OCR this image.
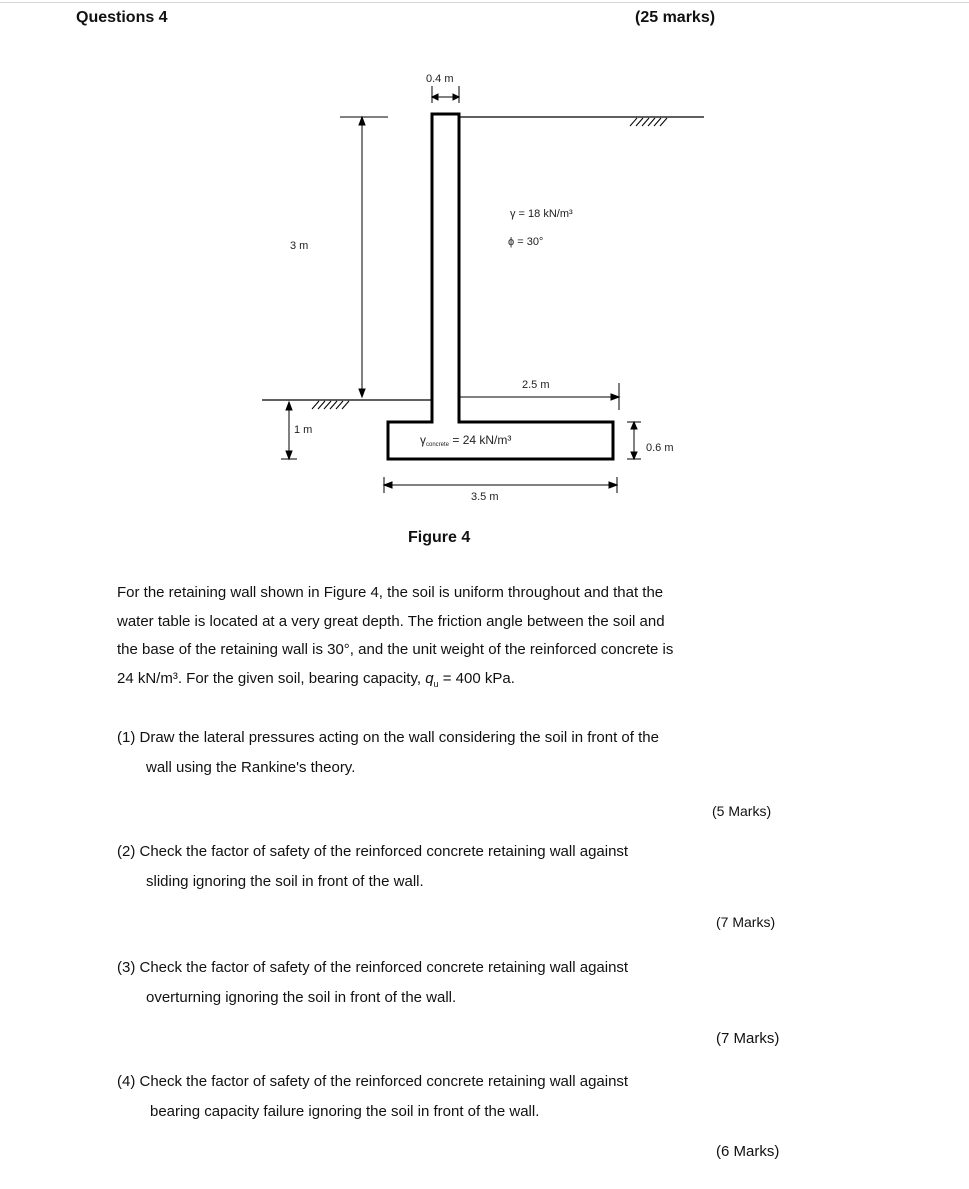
Questions 4	(25 marks)
0.4 m
3 m
γ = 18 kN/m³
ϕ = 30°
2.5 m
1 m
γconcrete = 24 kN/m³
0.6 m
3.5 m
Figure 4
For the retaining wall shown in Figure 4, the soil is uniform throughout and that the
water table is located at a very great depth. The friction angle between the soil and
the base of the retaining wall is 30°, and the unit weight of the reinforced concrete is
24 kN/m³. For the given soil, bearing capacity, $q_u = 400$ kPa.
(1) Draw the lateral pressures acting on the wall considering the soil in front of the
wall using the Rankine's theory.
(5 Marks)
(2) Check the factor of safety of the reinforced concrete retaining wall against
sliding ignoring the soil in front of the wall.
(7 Marks)
(3) Check the factor of safety of the reinforced concrete retaining wall against
overturning ignoring the soil in front of the wall.
(7 Marks)
(4) Check the factor of safety of the reinforced concrete retaining wall against
bearing capacity failure ignoring the soil in front of the wall.
(6 Marks)
